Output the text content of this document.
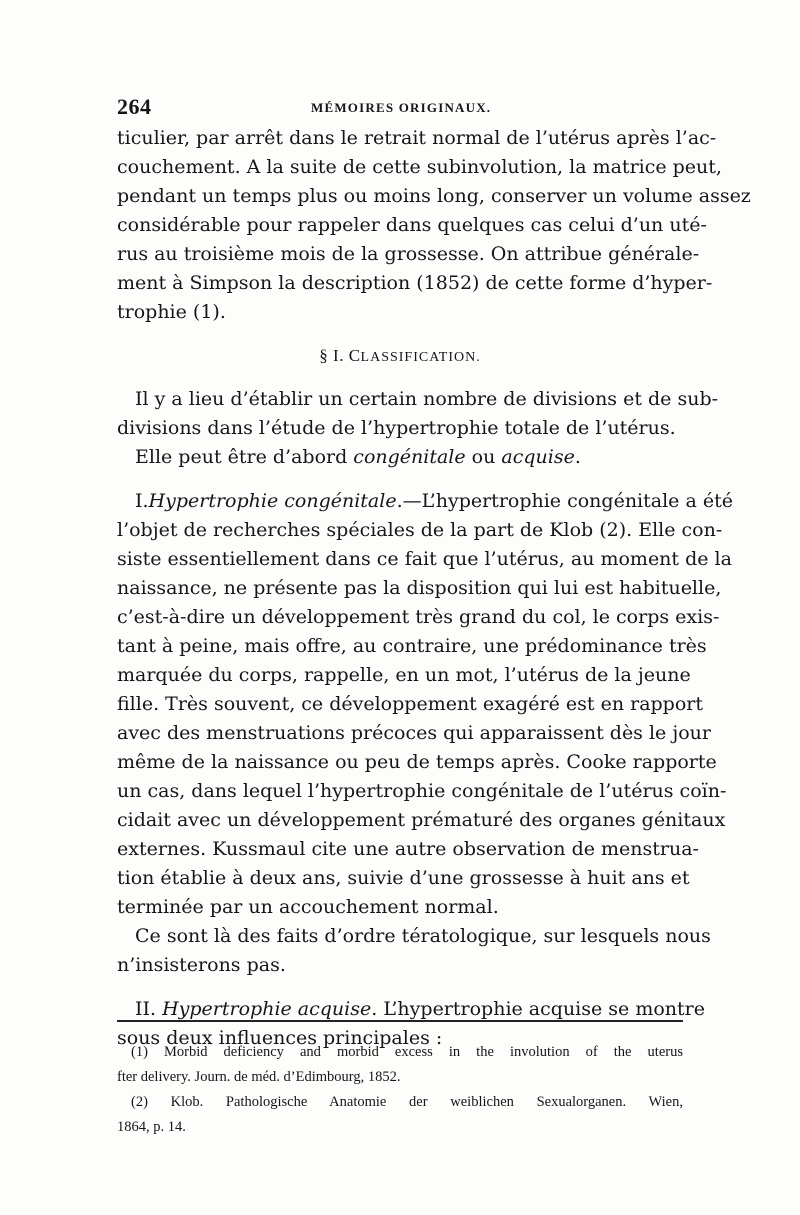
264	MÉMOIRES ORIGINAUX.
ticulier, par arrêt dans le retrait normal de l’utérus après l’ac-
couchement. A la suite de cette subinvolution, la matrice peut,
pendant un temps plus ou moins long, conserver un volume assez
considérable pour rappeler dans quelques cas celui d’un uté-
rus au troisième mois de la grossesse. On attribue générale-
ment à Simpson la description (1852) de cette forme d’hyper-
trophie (1).
§ I. CLASSIFICATION.
Il y a lieu d’établir un certain nombre de divisions et de sub-
divisions dans l’étude de l’hypertrophie totale de l’utérus.
Elle peut être d’abord congénitale ou acquise.
I.Hypertrophie congénitale.—L’hypertrophie congénitale a été
l’objet de recherches spéciales de la part de Klob (2). Elle con-
siste essentiellement dans ce fait que l’utérus, au moment de la
naissance, ne présente pas la disposition qui lui est habituelle,
c’est-à-dire un développement très grand du col, le corps exis-
tant à peine, mais offre, au contraire, une prédominance très
marquée du corps, rappelle, en un mot, l’utérus de la jeune
fille. Très souvent, ce développement exagéré est en rapport
avec des menstruations précoces qui apparaissent dès le jour
même de la naissance ou peu de temps après. Cooke rapporte
un cas, dans lequel l’hypertrophie congénitale de l’utérus coïn-
cidait avec un développement prématuré des organes génitaux
externes. Kussmaul cite une autre observation de menstrua-
tion établie à deux ans, suivie d’une grossesse à huit ans et
terminée par un accouchement normal.
Ce sont là des faits d’ordre tératologique, sur lesquels nous
n’insisterons pas.
II. Hypertrophie acquise. L’hypertrophie acquise se montre
sous deux influences principales :
(1) Morbid deficiency and morbid excess in the involution of the uterus
fter delivery. Journ. de méd. d’Edimbourg, 1852.
(2) Klob. Pathologische Anatomie der weiblichen Sexualorganen. Wien,
1864, p. 14.
